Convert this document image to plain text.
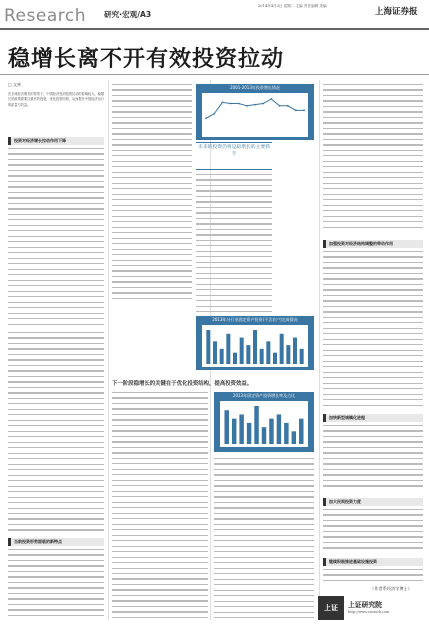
Research 研究·宏观/A3
2014年4月3日 星期二 主编 责任编辑 美编
上海证券报
稳增长离不开有效投资拉动
□ 文林
在全球经济增长的背景下，中国经济受到投资拉动的影响较大。稳增长的政策需要注重有效投资，优化投资结构，从而提升中国经济运行的质量与效益。
投资对经济增长拉动作用下降
当前投资形势面临的新特点
下一阶段稳增长的关键在于优化投资结构，提高投资效益。
2001-2013年投资增长情况
未来的投资仍将是稳增长的主要抓手
2013年分行业固定资产投资(不含农户)完成情况
2013年固定资产投资增长率及占比
加强投资对经济结构调整的带动作用
加快新型城镇化进程
加大民间投资力度
继续积极推进基础设施投资
（作者系经济学博士）
上证	上证研究院
http://www.cnstock.com
